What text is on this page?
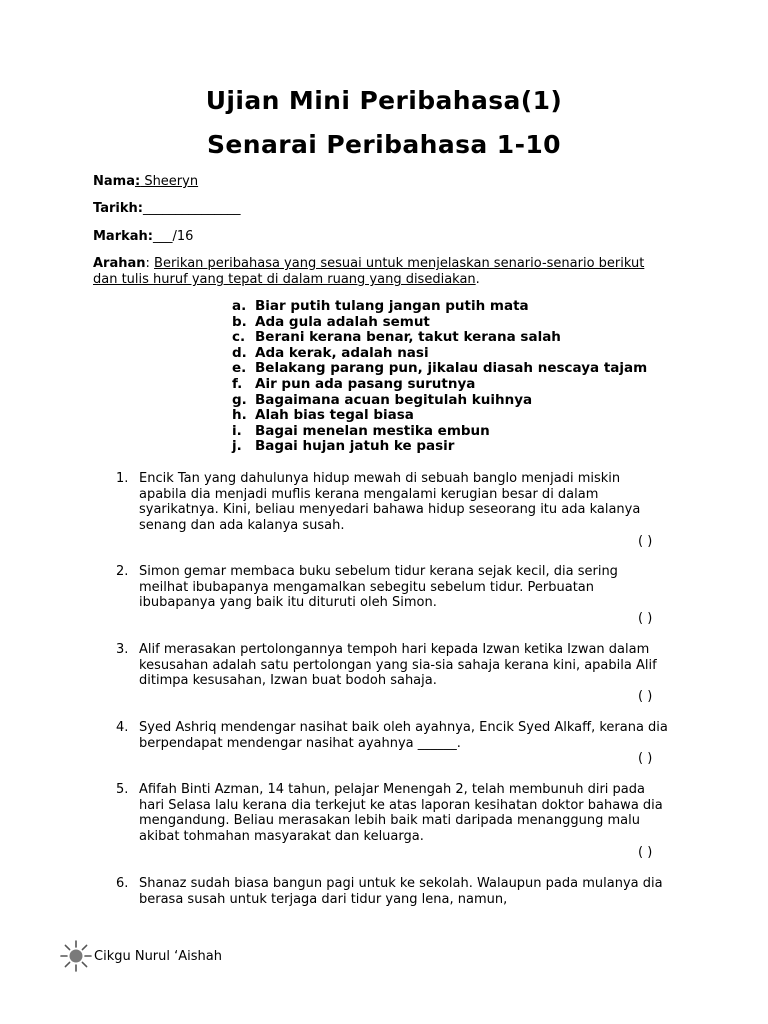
Ujian Mini Peribahasa(1)
Senarai Peribahasa 1-10
Nama: Sheeryn
Tarikh:_______________
Markah:___/16
Arahan: Berikan peribahasa yang sesuai untuk menjelaskan senario-senario berikut dan tulis huruf yang tepat di dalam ruang yang disediakan.
a. Biar putih tulang jangan putih mata
b. Ada gula adalah semut
c. Berani kerana benar, takut kerana salah
d. Ada kerak, adalah nasi
e. Belakang parang pun, jikalau diasah nescaya tajam
f. Air pun ada pasang surutnya
g. Bagaimana acuan begitulah kuihnya
h. Alah bias tegal biasa
i. Bagai menelan mestika embun
j. Bagai hujan jatuh ke pasir
1. Encik Tan yang dahulunya hidup mewah di sebuah banglo menjadi miskin apabila dia menjadi muflis kerana mengalami kerugian besar di dalam syarikatnya. Kini, beliau menyedari bahawa hidup seseorang itu ada kalanya senang dan ada kalanya susah.
( )
2. Simon gemar membaca buku sebelum tidur kerana sejak kecil, dia sering meilhat ibubapanya mengamalkan sebegitu sebelum tidur. Perbuatan ibubapanya yang baik itu dituruti oleh Simon.
( )
3. Alif merasakan pertolongannya tempoh hari kepada Izwan ketika Izwan dalam kesusahan adalah satu pertolongan yang sia-sia sahaja kerana kini, apabila Alif ditimpa kesusahan, Izwan buat bodoh sahaja.
( )
4. Syed Ashriq mendengar nasihat baik oleh ayahnya, Encik Syed Alkaff, kerana dia berpendapat mendengar nasihat ayahnya ______.
( )
5. Afifah Binti Azman, 14 tahun, pelajar Menengah 2, telah membunuh diri pada hari Selasa lalu kerana dia terkejut ke atas laporan kesihatan doktor bahawa dia mengandung. Beliau merasakan lebih baik mati daripada menanggung malu akibat tohmahan masyarakat dan keluarga.
( )
6. Shanaz sudah biasa bangun pagi untuk ke sekolah. Walaupun pada mulanya dia berasa susah untuk terjaga dari tidur yang lena, namun,
Cikgu Nurul ‘Aishah
